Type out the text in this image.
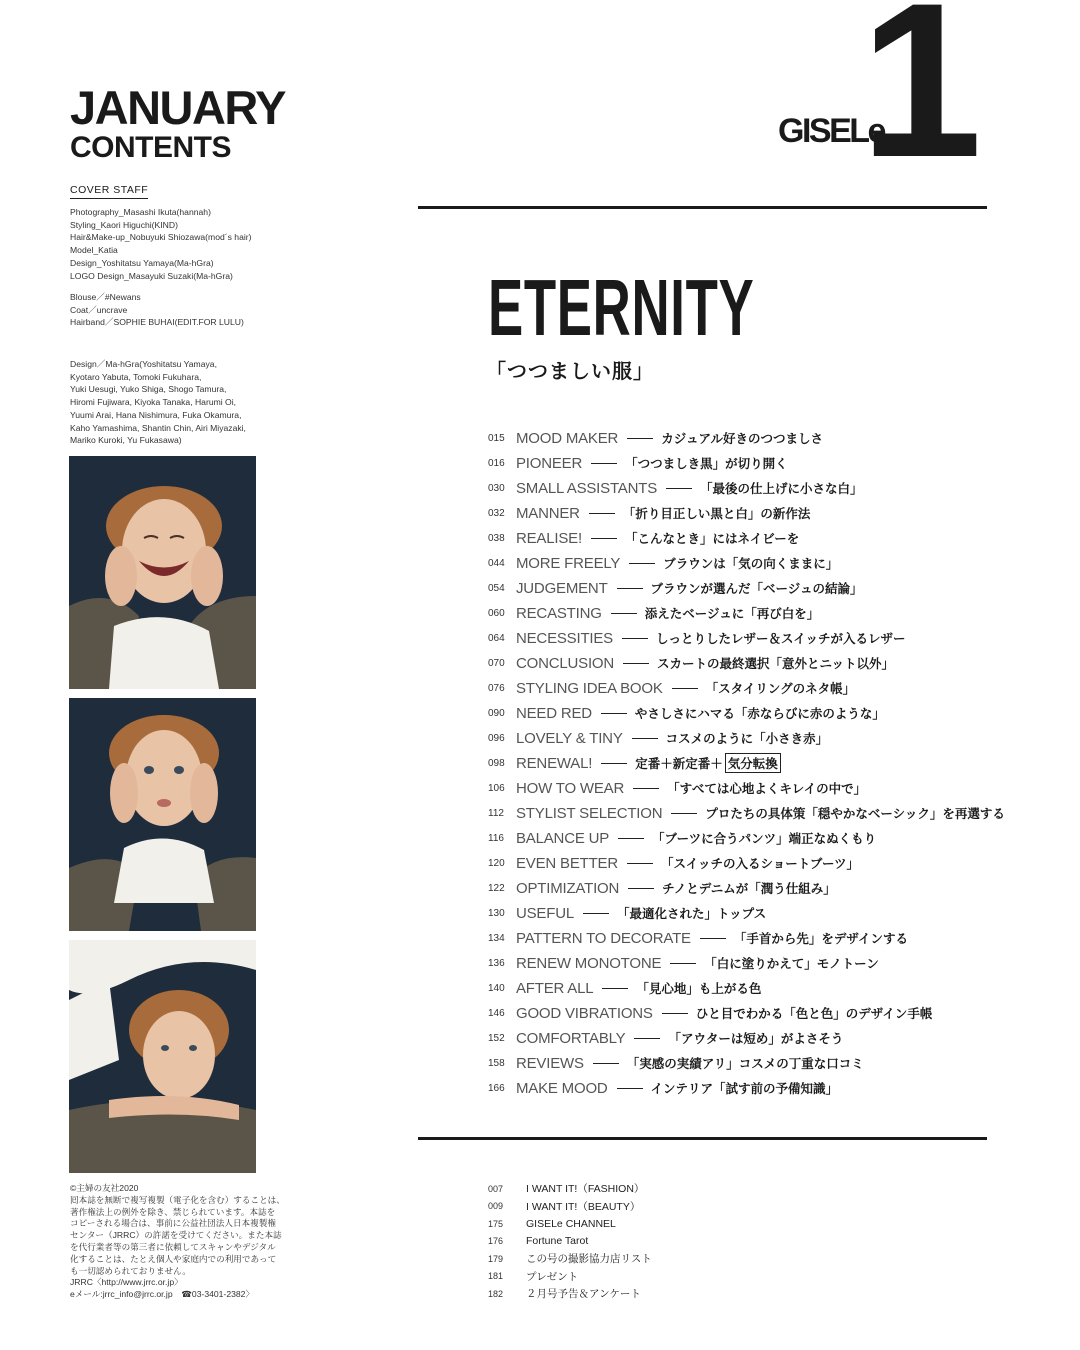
JANUARY
CONTENTS
COVER STAFF
Photography_Masashi Ikuta(hannah)
Styling_Kaori Higuchi(KIND)
Hair&Make-up_Nobuyuki Shiozawa(mod´s hair)
Model_Katia
Design_Yoshitatsu Yamaya(Ma-hGra)
LOGO Design_Masayuki Suzaki(Ma-hGra)
Blouse／#Newans
Coat／uncrave
Hairband／SOPHIE BUHAI(EDIT.FOR LULU)
Design／Ma-hGra(Yoshitatsu Yamaya,
Kyotaro Yabuta, Tomoki Fukuhara,
Yuki Uesugi, Yuko Shiga, Shogo Tamura,
Hiromi Fujiwara, Kiyoka Tanaka, Harumi Oi,
Yuumi Arai, Hana Nishimura, Fuka Okamura,
Kaho Yamashima, Shantin Chin, Airi Miyazaki,
Mariko Kuroki, Yu Fukasawa)
©主婦の友社2020
囘本誌を無断で複写複製（電子化を含む）することは、
著作権法上の例外を除き、禁じられています。本誌を
コピーされる場合は、事前に公益社団法人日本複製権
センター（JRRC）の許諾を受けてください。また本誌
を代行業者等の第三者に依頼してスキャンやデジタル
化することは、たとえ個人や家庭内での利用であって
も一切認められておりません。
JRRC〈http://www.jrrc.or.jp〉
eメール:jrrc_info@jrrc.or.jp　☎03-3401-2382〉
GISELe
1
ETERNITY
「つつましい服」
015 MOOD MAKER	カジュアル好きのつつましさ
016 PIONEER	「つつましき黒」が切り開く
030 SMALL ASSISTANTS	「最後の仕上げに小さな白」
032 MANNER	「折り目正しい黒と白」の新作法
038 REALISE!	「こんなとき」にはネイビーを
044 MORE FREELY	ブラウンは「気の向くままに」
054 JUDGEMENT	ブラウンが選んだ「ベージュの結論」
060 RECASTING	添えたベージュに「再び白を」
064 NECESSITIES	しっとりしたレザー＆スイッチが入るレザー
070 CONCLUSION	スカートの最終選択「意外とニット以外」
076 STYLING IDEA BOOK	「スタイリングのネタ帳」
090 NEED RED	やさしさにハマる「赤ならびに赤のような」
096 LOVELY & TINY	コスメのように「小さき赤」
098 RENEWAL!	定番＋新定番＋ 気分転換
106 HOW TO WEAR	「すべては心地よくキレイの中で」
112 STYLIST SELECTION	プロたちの具体策「穏やかなベーシック」を再選する
116 BALANCE UP	「ブーツに合うパンツ」端正なぬくもり
120 EVEN BETTER	「スイッチの入るショートブーツ」
122 OPTIMIZATION	チノとデニムが「潤う仕組み」
130 USEFUL	「最適化された」トップス
134 PATTERN TO DECORATE	「手首から先」をデザインする
136 RENEW MONOTONE	「白に塗りかえて」モノトーン
140 AFTER ALL	「見心地」も上がる色
146 GOOD VIBRATIONS	ひと目でわかる「色と色」のデザイン手帳
152 COMFORTABLY	「アウターは短め」がよさそう
158 REVIEWS	「実感の実績アリ」コスメの丁重な口コミ
166 MAKE MOOD	インテリア「試す前の予備知識」
007	I WANT IT!（FASHION）
009	I WANT IT!（BEAUTY）
175	GISELe CHANNEL
176	Fortune Tarot
179	この号の撮影協力店リスト
181	プレゼント
182	２月号予告＆アンケート
